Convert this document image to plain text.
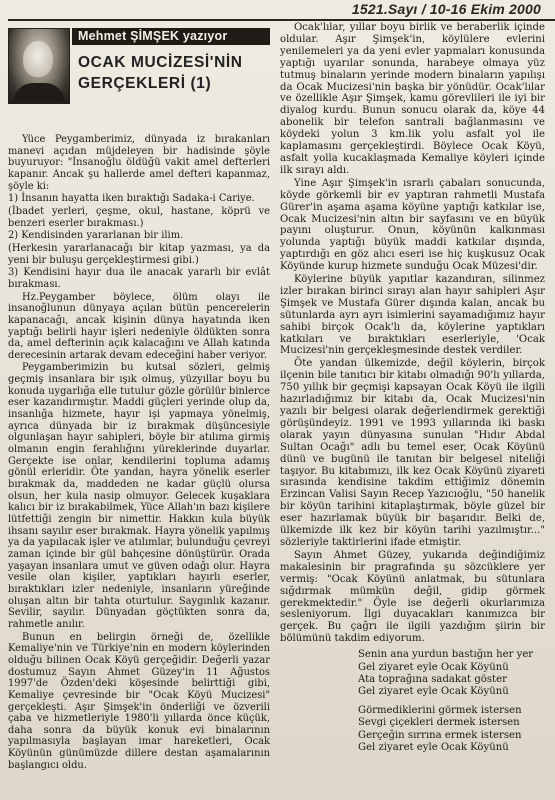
1521.Sayı / 10-16 Ekim 2000
Mehmet ŞİMŞEK yazıyor
OCAK MUCİZESİ'NİN
GERÇEKLERİ (1)

Yüce Peygamberimiz, dünyada iz bırakanları manevi açıdan müjdeleyen bir hadisinde şöyle buyuruyor: "İnsanoğlu öldüğü vakit amel defterleri kapanır. Ancak şu hallerde amel defteri kapanmaz, şöyle ki:

1) İnsanın hayatta iken bıraktığı Sadaka-i Cariye.

(İbadet yerleri, çeşme, okul, hastane, köprü ve benzeri eserler bırakması.)

2) Kendisinden yararlanan bir ilim.

(Herkesin yararlanacağı bir kitap yazması, ya da yeni bir buluşu gerçekleştirmesi gibi.)

3) Kendisini hayır dua ile anacak yararlı bir evlât bırakması.

Hz.Peygamber böylece, ölüm olayı ile insanoğlunun dünyaya açılan bütün pencerelerin kapanacağı, ancak kişinin dünya hayatında iken yaptığı belirli hayır işleri nedeniyle öldükten sonra da, amel defterinin açık kalacağını ve Allah katında derecesinin artarak devam edeceğini haber veriyor.

Peygamberimizin bu kutsal sözleri, gelmiş geçmiş insanlara bir ışık olmuş, yüzyıllar boyu bu konuda uygarlığa elle tutulur gözle görülür binlerce eser kazandırmıştır. Maddi güçleri yerinde olup da, insanlığa hizmete, hayır işi yapmaya yönelmiş, ayrıca dünyada bir iz bırakmak düşüncesiyle olgunlaşan hayır sahipleri, böyle bir atılıma girmiş olmanın engin ferahlığını yüreklerinde duyarlar. Gerçekte ise onlar, kendilerini topluma adamış gönül erleridir. Öte yandan, hayra yönelik eserler bırakmak da, maddeden ne kadar güçlü olursa olsun, her kula nasip olmuyor. Gelecek kuşaklara kalıcı bir iz bırakabilmek, Yüce Allah'ın bazı kişilere lütfettiği zengin bir nimettir. Hakkın kula büyük ihsanı sayılır eser bırakmak. Hayra yönelik yapılmış ya da yapılacak işler ve atılımlar, bulunduğu çevreyi zaman içinde bir gül bahçesine dönüştürür. Orada yaşayan insanlara umut ve güven odağı olur. Hayra vesile olan kişiler, yaptıkları hayırlı eserler, bıraktıkları izler nedeniyle, insanların yüreğinde oluşan altın bir tahta oturtulur. Saygınlık kazanır. Sevilir, sayılır. Dünyadan göçtükten sonra da, rahmetle anılır.

Bunun en belirgin örneği de, özellikle Kemaliye'nin ve Türkiye'nin en modern köylerinden olduğu bilinen Ocak Köyü gerçeğidir. Değerli yazar dostumuz Sayın Ahmet Güzey'in 11 Ağustos 1997'de Özden'deki köşesinde belirttiği gibi, Kemaliye çevresinde bir "Ocak Köyü Mucizesi" gerçekleşti. Aşır Şimşek'in önderliği ve özverili çaba ve hizmetleriyle 1980'li yıllarda önce küçük, daha sonra da büyük konuk evi binalarının yapılmasıyla başlayan imar hareketleri, Ocak Köyünün günümüzde dillere destan aşamalarının başlangıcı oldu.

Ocak'lılar, yıllar boyu birlik ve beraberlik içinde oldular. Aşır Şimşek'in, köylülere evlerini yenilemeleri ya da yeni evler yapmaları konusunda yaptığı uyarılar sonunda, harabeye olmaya yüz tutmuş binaların yerinde modern binaların yapılışı da Ocak Mucizesi'nin başka bir yönüdür. Ocak'lılar ve özellikle Aşır Şimşek, kamu görevlileri ile iyi bir diyalog kurdu. Bunun sonucu olarak da, köye 44 abonelik bir telefon santrali bağlanmasını ve köydeki yolun 3 km.lik yolu asfalt yol ile kaplamasını gerçekleştirdi. Böylece Ocak Köyü, asfalt yolla kucaklaşmada Kemaliye köyleri içinde ilk sırayı aldı.

Yine Aşır Şimşek'in ısrarlı çabaları sonucunda, köyde görkemli bir ev yaptıran rahmetli Mustafa Gürer'in aşama aşama köyüne yaptığı katkılar ise, Ocak Mucizesi'nin altın bir sayfasını ve en büyük payını oluşturur. Onun, köyünün kalkınması yolunda yaptığı büyük maddi katkılar dışında, yaptırdığı en göz alıcı eseri ise hiç kuşkusuz Ocak Köyünde kurup hizmete sunduğu Ocak Müzesi'dir.

Köylerine büyük yapıtlar kazandıran, silinmez izler bırakan birinci sırayı alan hayır sahipleri Aşır Şimşek ve Mustafa Gürer dışında kalan, ancak bu sütunlarda ayrı ayrı isimlerini sayamadığımız hayır sahibi birçok Ocak'lı da, köylerine yaptıkları katkıları ve bıraktıkları eserleriyle, 'Ocak Mucizesi'nin gerçekleşmesinde destek verdiler.

Öte yandan ülkemizde, değil köylerin, birçok ilçenin bile tanıtıcı bir kitabı olmadığı 90'lı yıllarda, 750 yıllık bir geçmişi kapsayan Ocak Köyü ile ilgili hazırladığımız bir kitabı da, Ocak Mucizesi'nin yazılı bir belgesi olarak değerlendirmek gerektiği görüşündeyiz. 1991 ve 1993 yıllarında iki baskı olarak yayın dünyasına sunulan "Hıdır Abdal Sultan Ocağı" adlı bu temel eser, Ocak Köyünü dünü ve bugünü ile tanıtan bir belgesel niteliği taşıyor. Bu kitabımızı, ilk kez Ocak Köyünü ziyareti sırasında kendisine takdim ettiğimiz dönemin Erzincan Valisi Sayın Recep Yazıcıoğlu, "50 hanelik bir köyün tarihini kitaplaştırmak, böyle güzel bir eser hazırlamak büyük bir başarıdır. Belki de, ülkemizde ilk kez bir köyün tarihi yazılmıştır..." sözleriyle taktirlerini ifade etmiştir.

Sayın Ahmet Güzey, yukarıda değindiğimiz makalesinin bir pragrafında şu sözcüklere yer vermiş: "Ocak Köyünü anlatmak, bu sütunlara sığdırmak mümkün değil, gidip görmek gerekmektedir." Öyle ise değerli okurlarımıza sesleniyorum. İlgi duyacakları kanımızca bir gerçek. Bu çağrı ile ilgili yazdığım şiirin bir bölümünü takdim ediyorum.

Senin ana yurdun bastığın her yer
Gel ziyaret eyle Ocak Köyünü
Ata toprağına sadakat göster
Gel ziyaret eyle Ocak Köyünü
Görmediklerini görmek istersen
Sevgi çiçekleri dermek istersen
Gerçeğin sırrına ermek istersen
Gel ziyaret eyle Ocak Köyünü
